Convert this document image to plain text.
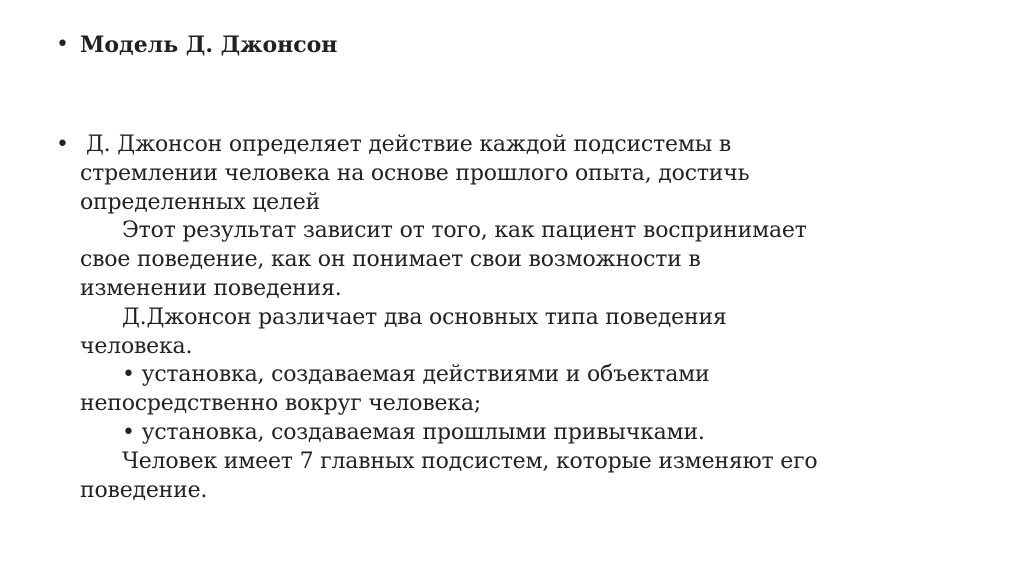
• Модель Д. Джонсон
• Д. Джонсон определяет действие каждой подсистемы в
стремлении человека на основе прошлого опыта, достичь
определенных целей
Этот результат зависит от того, как пациент воспринимает
свое поведение, как он понимает свои возможности в
изменении поведения.
Д.Джонсон различает два основных типа поведения
человека.
• установка, создаваемая действиями и объектами
непосредственно вокруг человека;
• установка, создаваемая прошлыми привычками.
Человек имеет 7 главных подсистем, которые изменяют его
поведение.
